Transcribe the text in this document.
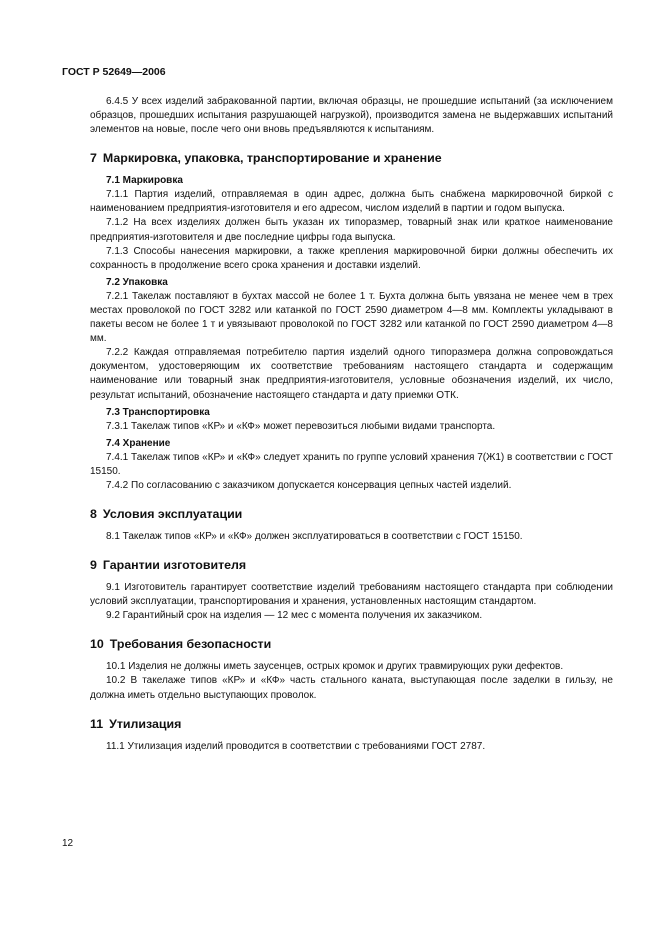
ГОСТ Р 52649—2006

6.4.5 У всех изделий забракованной партии, включая образцы, не прошедшие испытаний (за исключением образцов, прошедших испытания разрушающей нагрузкой), производится замена не выдержавших испытаний элементов на новые, после чего они вновь предъявляются к испытаниям.

7 Маркировка, упаковка, транспортирование и хранение
7.1 Маркировка

7.1.1 Партия изделий, отправляемая в один адрес, должна быть снабжена маркировочной биркой с наименованием предприятия-изготовителя и его адресом, числом изделий в партии и годом выпуска.

7.1.2 На всех изделиях должен быть указан их типоразмер, товарный знак или краткое наименование предприятия-изготовителя и две последние цифры года выпуска.

7.1.3 Способы нанесения маркировки, а также крепления маркировочной бирки должны обеспечить их сохранность в продолжение всего срока хранения и доставки изделий.

7.2 Упаковка

7.2.1 Такелаж поставляют в бухтах массой не более 1 т. Бухта должна быть увязана не менее чем в трех местах проволокой по ГОСТ 3282 или катанкой по ГОСТ 2590 диаметром 4—8 мм. Комплекты укладывают в пакеты весом не более 1 т и увязывают проволокой по ГОСТ 3282 или катанкой по ГОСТ 2590 диаметром 4—8 мм.

7.2.2 Каждая отправляемая потребителю партия изделий одного типоразмера должна сопровождаться документом, удостоверяющим их соответствие требованиям настоящего стандарта и содержащим наименование или товарный знак предприятия-изготовителя, условные обозначения изделий, их число, результат испытаний, обозначение настоящего стандарта и дату приемки ОТК.

7.3 Транспортировка

7.3.1 Такелаж типов «КР» и «КФ» может перевозиться любыми видами транспорта.

7.4 Хранение

7.4.1 Такелаж типов «КР» и «КФ» следует хранить по группе условий хранения 7(Ж1) в соответствии с ГОСТ 15150.

7.4.2 По согласованию с заказчиком допускается консервация цепных частей изделий.

8 Условия эксплуатации

8.1 Такелаж типов «КР» и «КФ» должен эксплуатироваться в соответствии с ГОСТ 15150.

9 Гарантии изготовителя

9.1 Изготовитель гарантирует соответствие изделий требованиям настоящего стандарта при соблюдении условий эксплуатации, транспортирования и хранения, установленных настоящим стандартом.

9.2 Гарантийный срок на изделия — 12 мес с момента получения их заказчиком.

10 Требования безопасности

10.1 Изделия не должны иметь заусенцев, острых кромок и других травмирующих руки дефектов.

10.2 В такелаже типов «КР» и «КФ» часть стального каната, выступающая после заделки в гильзу, не должна иметь отдельно выступающих проволок.

11 Утилизация

11.1 Утилизация изделий проводится в соответствии с требованиями ГОСТ 2787.

12
